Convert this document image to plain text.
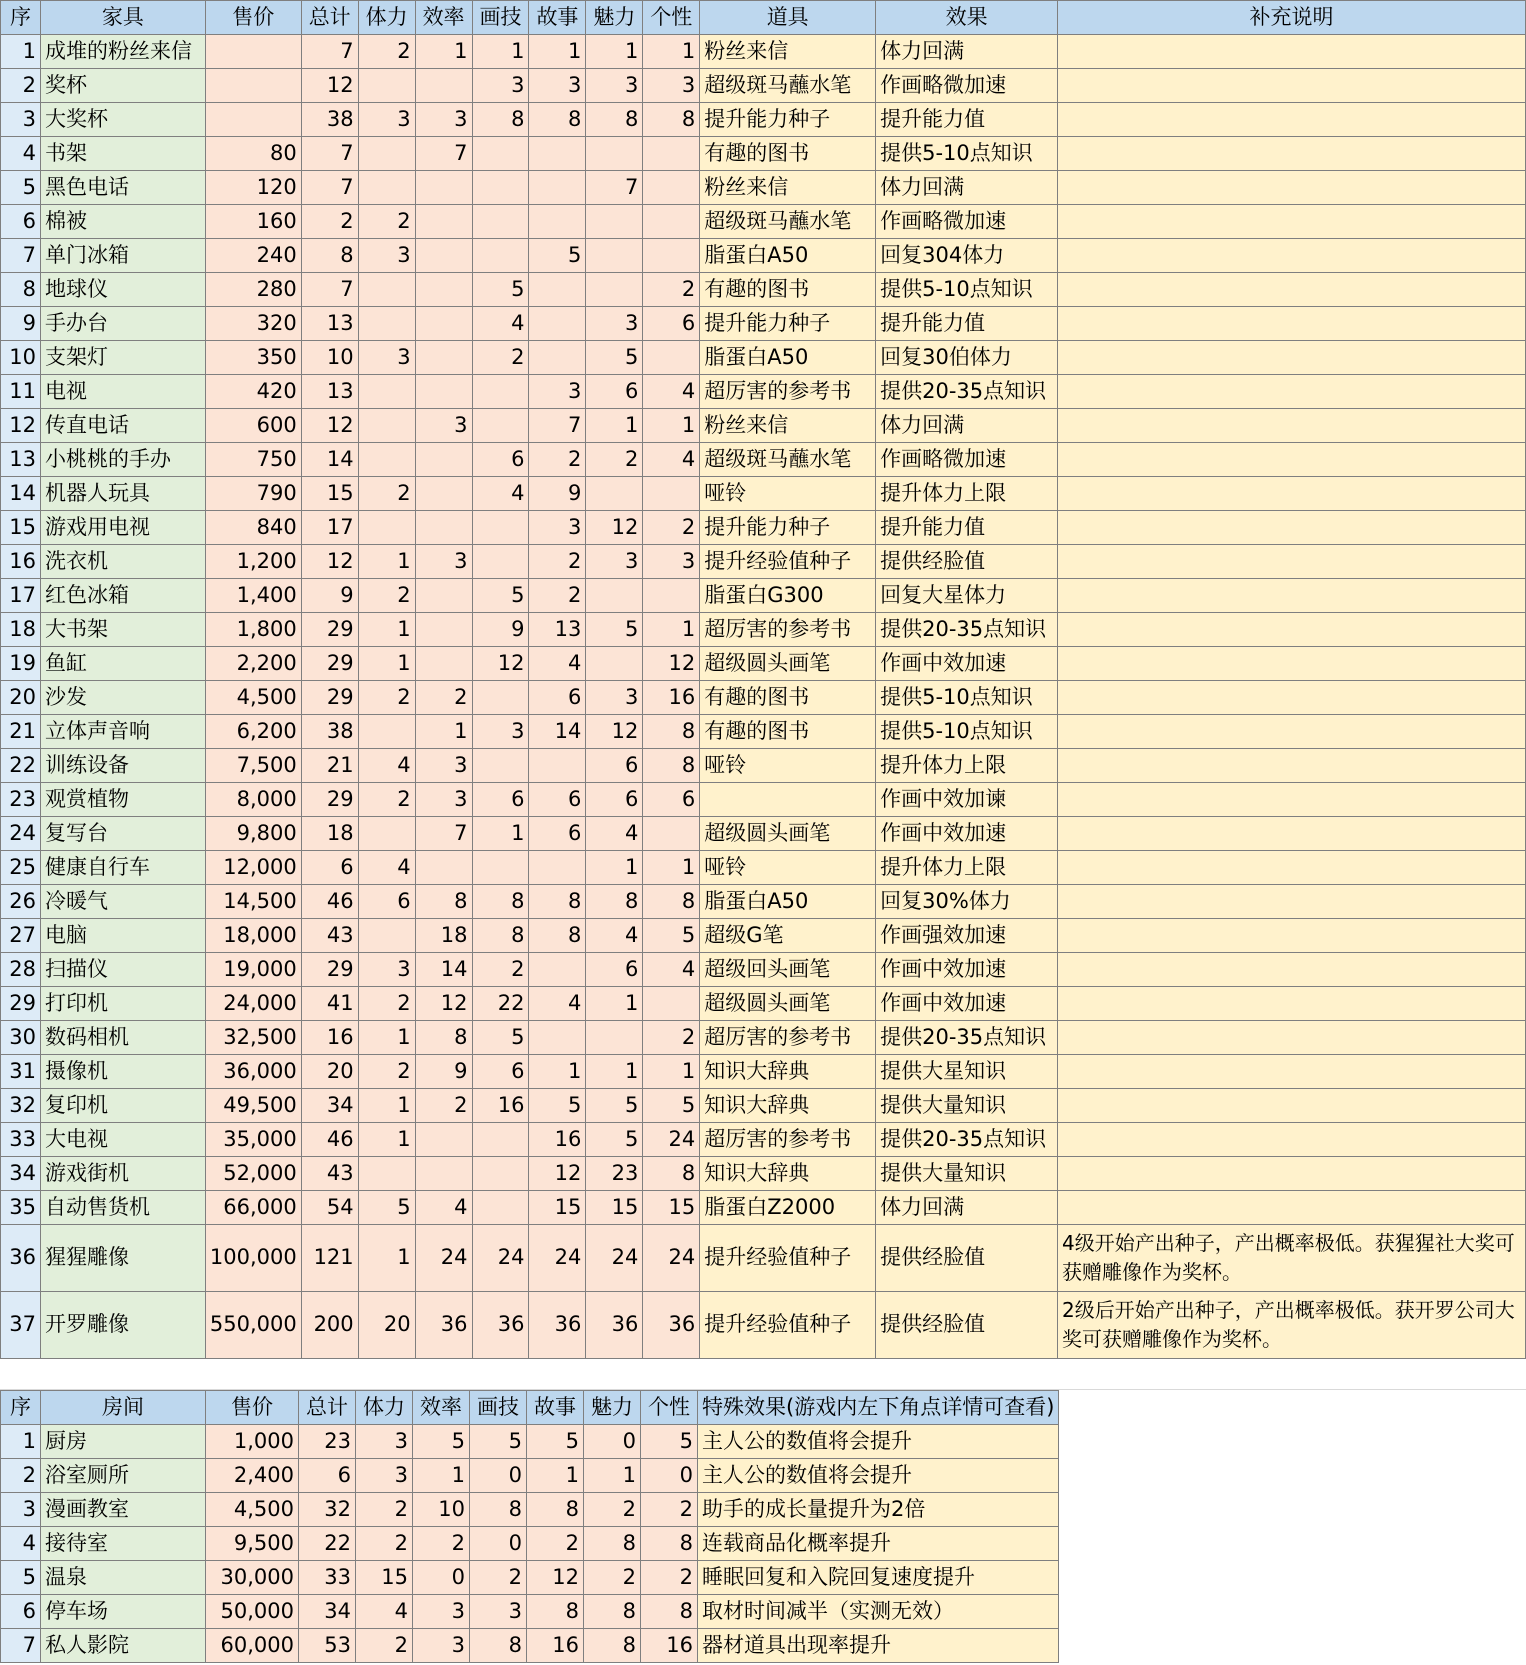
序	家具	售价	总计	体力	效率	画技	故事	魅力	个性	道具	效果	补充说明
1	成堆的粉丝来信		7	2	1	1	1	1	1	粉丝来信	体力回满	
2	奖杯		12			3	3	3	3	超级斑马蘸水笔	作画略微加速	
3	大奖杯		38	3	3	8	8	8	8	提升能力种子	提升能力值	
4	书架	80	7		7					有趣的图书	提供5-10点知识	
5	黑色电话	120	7					7		粉丝来信	体力回满	
6	棉被	160	2	2						超级斑马蘸水笔	作画略微加速	
7	单门冰箱	240	8	3			5			脂蛋白A50	回复304体力	
8	地球仪	280	7			5			2	有趣的图书	提供5-10点知识	
9	手办台	320	13			4		3	6	提升能力种子	提升能力值	
10	支架灯	350	10	3		2		5		脂蛋白A50	回复30伯体力	
11	电视	420	13				3	6	4	超厉害的参考书	提供20-35点知识	
12	传直电话	600	12		3		7	1	1	粉丝来信	体力回满	
13	小桃桃的手办	750	14			6	2	2	4	超级斑马蘸水笔	作画略微加速	
14	机器人玩具	790	15	2		4	9			哑铃	提升体力上限	
15	游戏用电视	840	17				3	12	2	提升能力种子	提升能力值	
16	洗衣机	1,200	12	1	3		2	3	3	提升经验值种子	提供经脸值	
17	红色冰箱	1,400	9	2		5	2			脂蛋白G300	回复大星体力	
18	大书架	1,800	29	1		9	13	5	1	超厉害的参考书	提供20-35点知识	
19	鱼缸	2,200	29	1		12	4		12	超级圆头画笔	作画中效加速	
20	沙发	4,500	29	2	2		6	3	16	有趣的图书	提供5-10点知识	
21	立体声音响	6,200	38		1	3	14	12	8	有趣的图书	提供5-10点知识	
22	训练设备	7,500	21	4	3			6	8	哑铃	提升体力上限	
23	观赏植物	8,000	29	2	3	6	6	6	6		作画中效加谏	
24	复写台	9,800	18		7	1	6	4		超级圆头画笔	作画中效加速	
25	健康自行车	12,000	6	4				1	1	哑铃	提升体力上限	
26	冷暖气	14,500	46	6	8	8	8	8	8	脂蛋白A50	回复30%体力	
27	电脑	18,000	43		18	8	8	4	5	超级G笔	作画强效加速	
28	扫描仪	19,000	29	3	14	2		6	4	超级回头画笔	作画中效加速	
29	打印机	24,000	41	2	12	22	4	1		超级圆头画笔	作画中效加速	
30	数码相机	32,500	16	1	8	5			2	超厉害的参考书	提供20-35点知识	
31	摄像机	36,000	20	2	9	6	1	1	1	知识大辞典	提供大星知识	
32	复印机	49,500	34	1	2	16	5	5	5	知识大辞典	提供大量知识	
33	大电视	35,000	46	1			16	5	24	超厉害的参考书	提供20-35点知识	
34	游戏街机	52,000	43				12	23	8	知识大辞典	提供大量知识	
35	自动售货机	66,000	54	5	4		15	15	15	脂蛋白Z2000	体力回满	
36	猩猩雕像	100,000	121	1	24	24	24	24	24	提升经验值种子	提供经脸值	4级开始产出种子，产出概率极低。获猩猩社大奖可获赠雕像作为奖杯。
37	开罗雕像	550,000	200	20	36	36	36	36	36	提升经验值种子	提供经脸值	2级后开始产出种子，产出概率极低。获开罗公司大奖可获赠雕像作为奖杯。
序	房间	售价	总计	体力	效率	画技	故事	魅力	个性	特殊效果(游戏内左下角点详情可查看)
1	厨房	1,000	23	3	5	5	5	0	5	主人公的数值将会提升
2	浴室厕所	2,400	6	3	1	0	1	1	0	主人公的数值将会提升
3	漫画教室	4,500	32	2	10	8	8	2	2	助手的成长量提升为2倍
4	接待室	9,500	22	2	2	0	2	8	8	连载商品化概率提升
5	温泉	30,000	33	15	0	2	12	2	2	睡眠回复和入院回复速度提升
6	停车场	50,000	34	4	3	3	8	8	8	取材时间减半（实测无效）
7	私人影院	60,000	53	2	3	8	16	8	16	器材道具出现率提升
